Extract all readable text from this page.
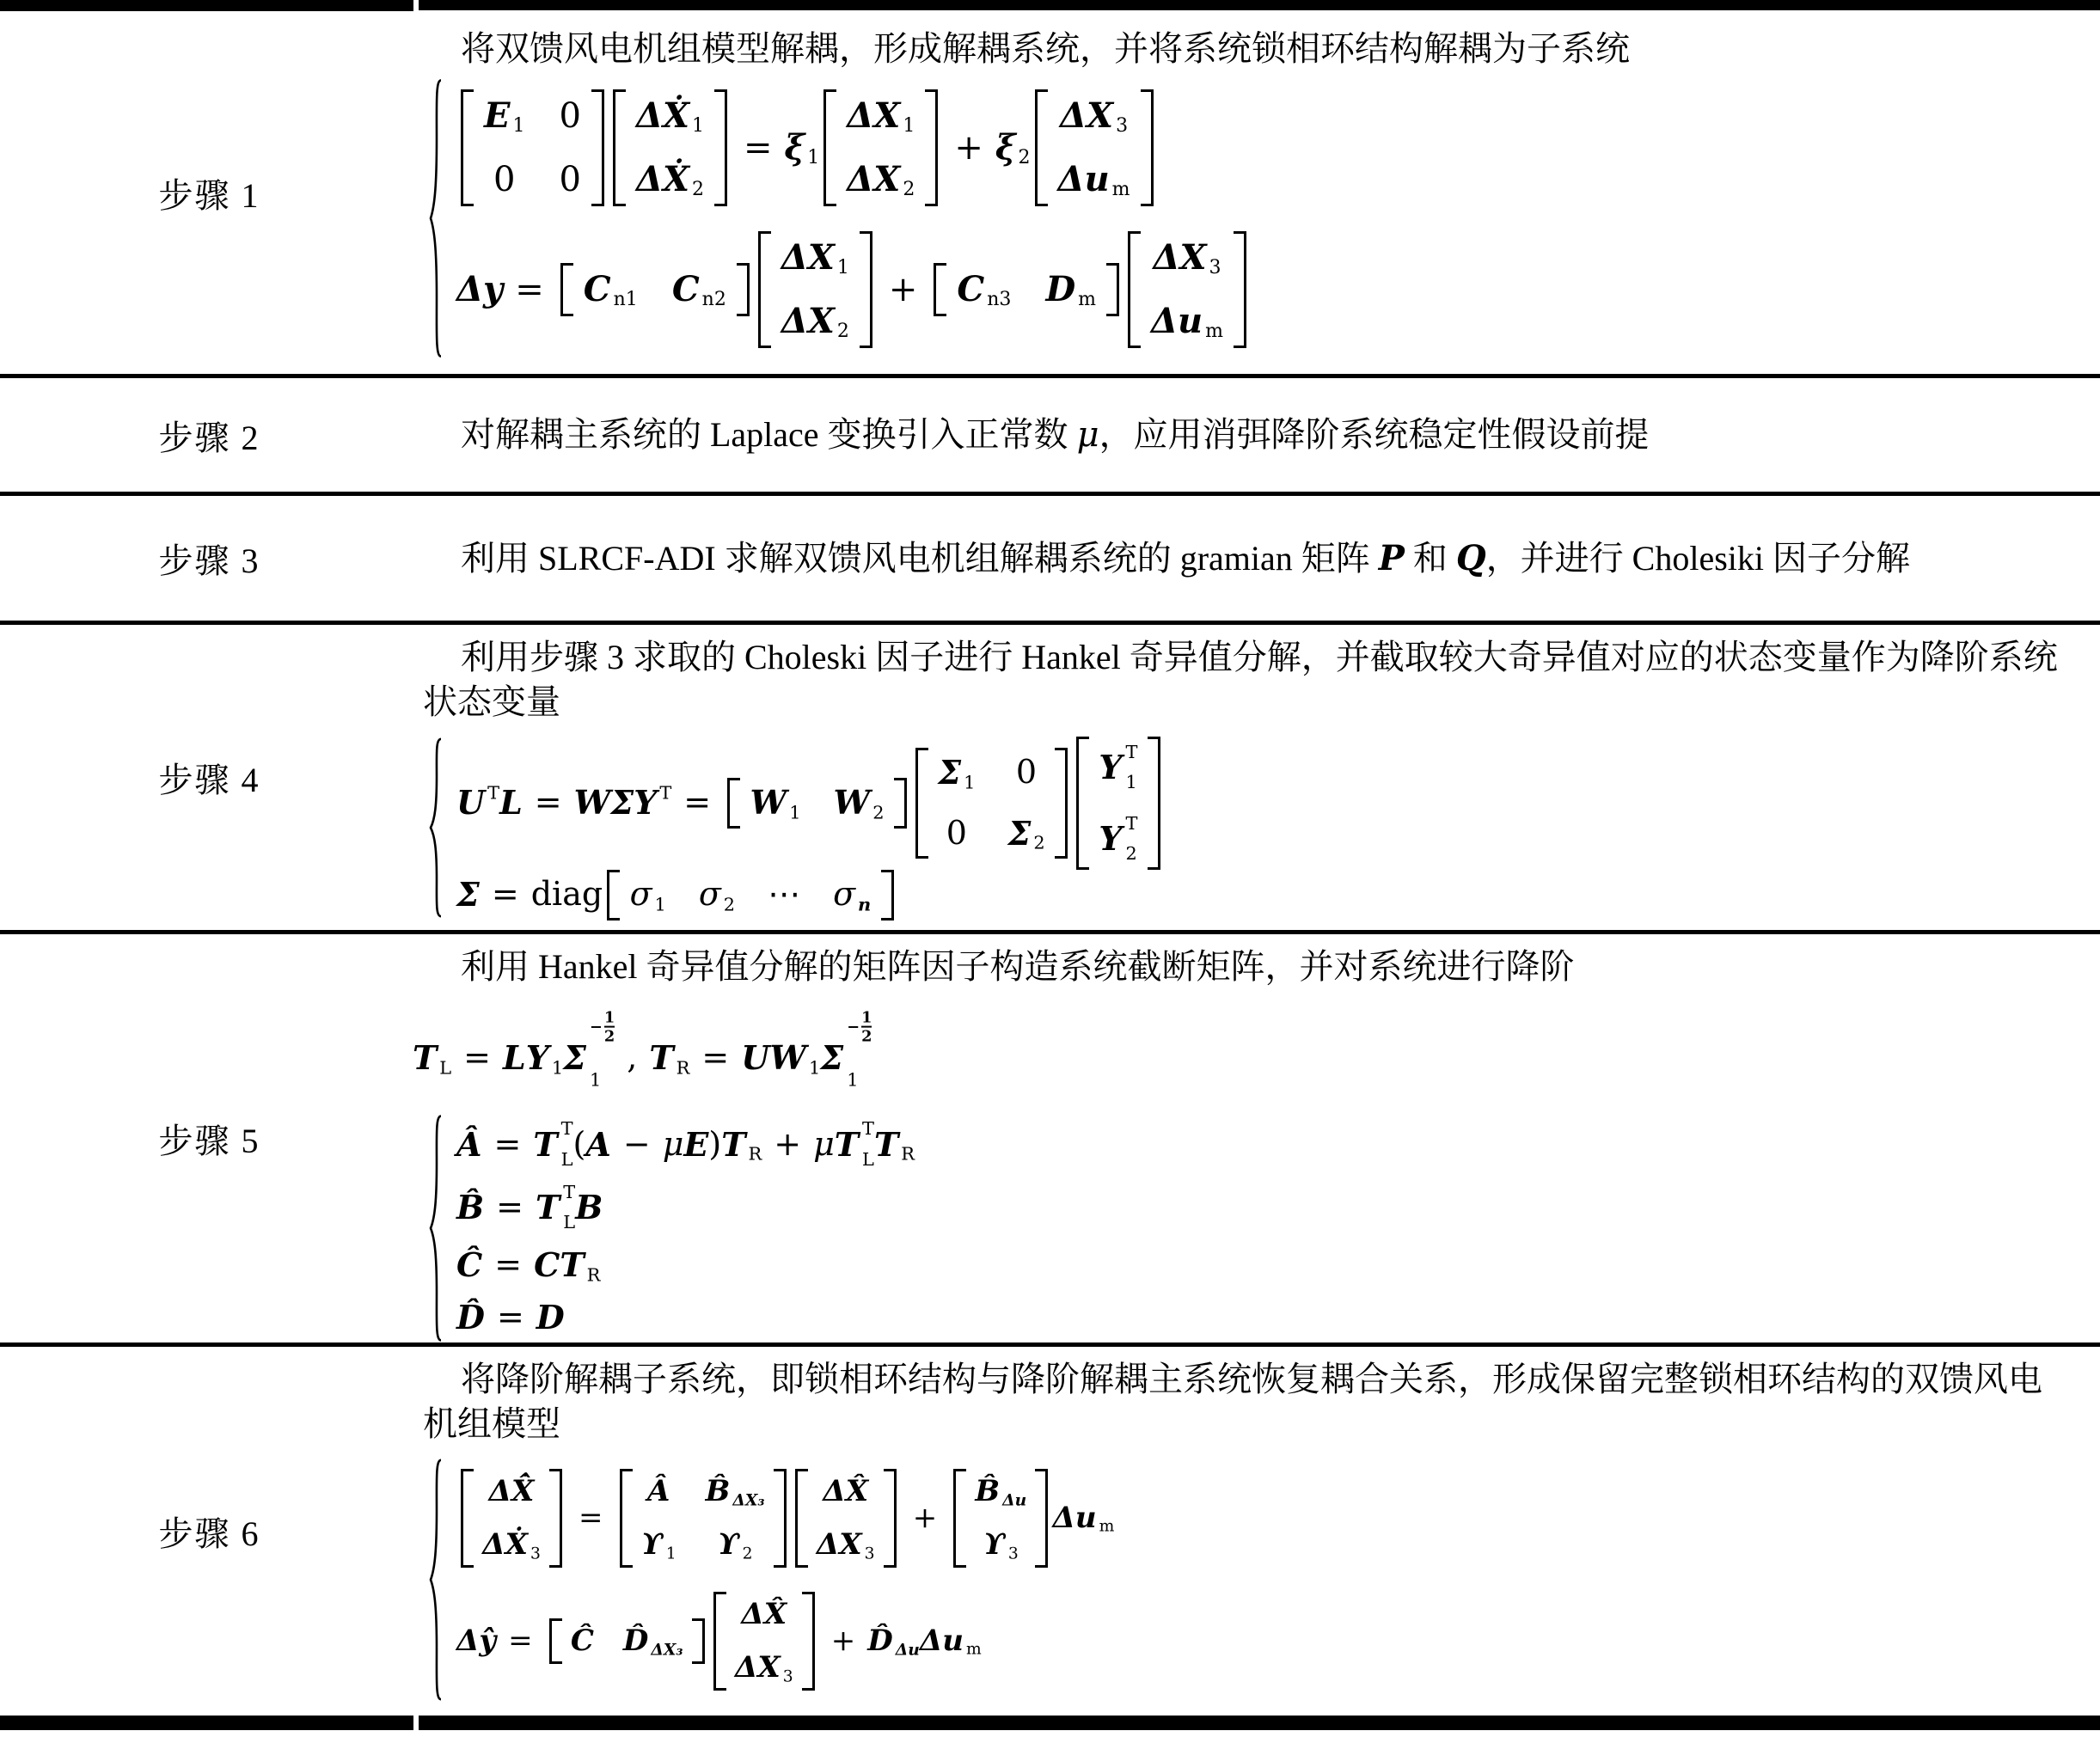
步骤 1

将双馈风电机组模型解耦，形成解耦系统，并将系统锁相环结构解耦为子系统

E 1 0
0 0
ΔẊ 1
ΔẊ 2
= ξ 1
ΔX 1
ΔX 2
+ ξ 2
ΔX 3
Δu m
Δy = C n1 C n2
ΔX 1
ΔX 2
+ C n3 D m
ΔX 3
Δu m
步骤 2	对解耦主系统的 Laplace 变换引入正常数 μ，应用消弭降阶系统稳定性假设前提

步骤 3	利用 SLRCF-ADI 求解双馈风电机组解耦系统的 gramian 矩阵 P 和 Q，并进行 Cholesiki 因子分解

步骤 4

利用步骤 3 求取的 Choleski 因子进行 Hankel 奇异值分解，并截取较大奇异值对应的状态变量作为降阶系统状态变量

U T L = W Σ Y T = W 1 W 2
Σ 1 0
0 Σ 2
Y T
1
Y T
2
Σ = diag σ 1 σ 2 ⋯ σ n
步骤 5

利用 Hankel 奇异值分解的矩阵因子构造系统截断矩阵，并对系统进行降阶

T L = L Y 1 Σ
− $\frac{1}{2}$
1
, T R = U W 1 Σ
− $\frac{1}{2}$
1
Â = T T
L ( A − μ E ) T R + μ T T
L T R
B̂ = T T
L B
Ĉ = C T R
D̂ = D
步骤 6

将降阶解耦子系统，即锁相环结构与降阶解耦主系统恢复耦合关系，形成保留完整锁相环结构的双馈风电机组模型

ΔX̂̇
ΔẊ 3
=
Â B̂ ΔX₃
ϒ 1 ϒ 2
ΔX̂
ΔX 3
+
B̂ Δu
ϒ 3
Δu m
Δŷ = Ĉ D̂ ΔX₃
ΔX̂
ΔX 3
+ D̂ Δu Δu m
